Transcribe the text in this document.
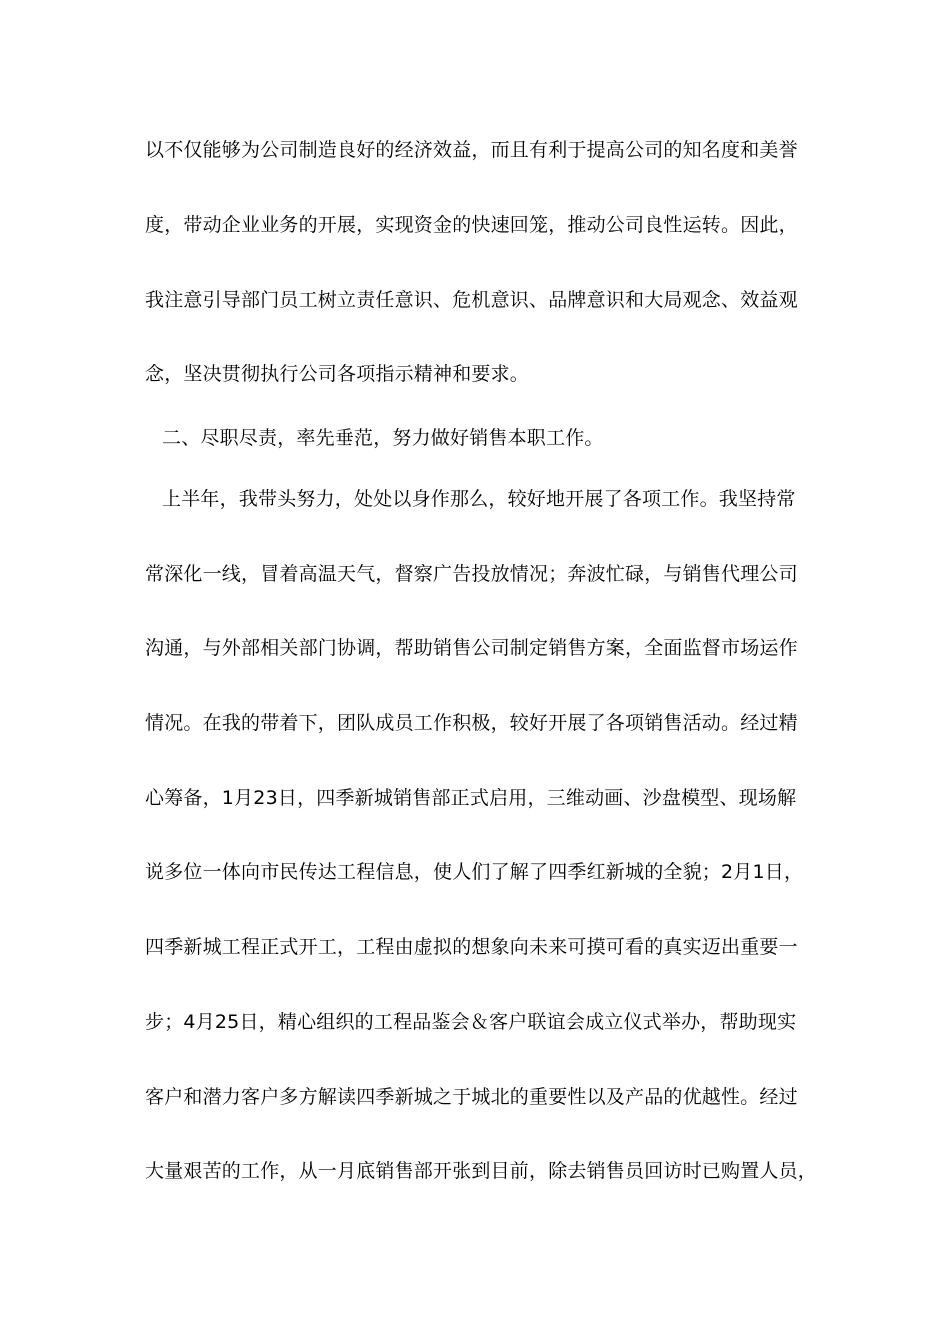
以不仅能够为公司制造良好的经济效益，而且有利于提高公司的知名度和美誉
度，带动企业业务的开展，实现资金的快速回笼，推动公司良性运转。因此，
我注意引导部门员工树立责任意识、危机意识、品牌意识和大局观念、效益观
念，坚决贯彻执行公司各项指示精神和要求。
二、尽职尽责，率先垂范，努力做好销售本职工作。
上半年，我带头努力，处处以身作那么，较好地开展了各项工作。我坚持常
常深化一线，冒着高温天气，督察广告投放情况；奔波忙碌，与销售代理公司
沟通，与外部相关部门协调，帮助销售公司制定销售方案，全面监督市场运作
情况。在我的带着下，团队成员工作积极，较好开展了各项销售活动。经过精
心筹备，1月23日，四季新城销售部正式启用，三维动画、沙盘模型、现场解
说多位一体向市民传达工程信息，使人们了解了四季红新城的全貌；2月1日，
四季新城工程正式开工，工程由虚拟的想象向未来可摸可看的真实迈出重要一
步；4月25日，精心组织的工程品鉴会＆客户联谊会成立仪式举办，帮助现实
客户和潜力客户多方解读四季新城之于城北的重要性以及产品的优越性。经过
大量艰苦的工作，从一月底销售部开张到目前，除去销售员回访时已购置人员，
